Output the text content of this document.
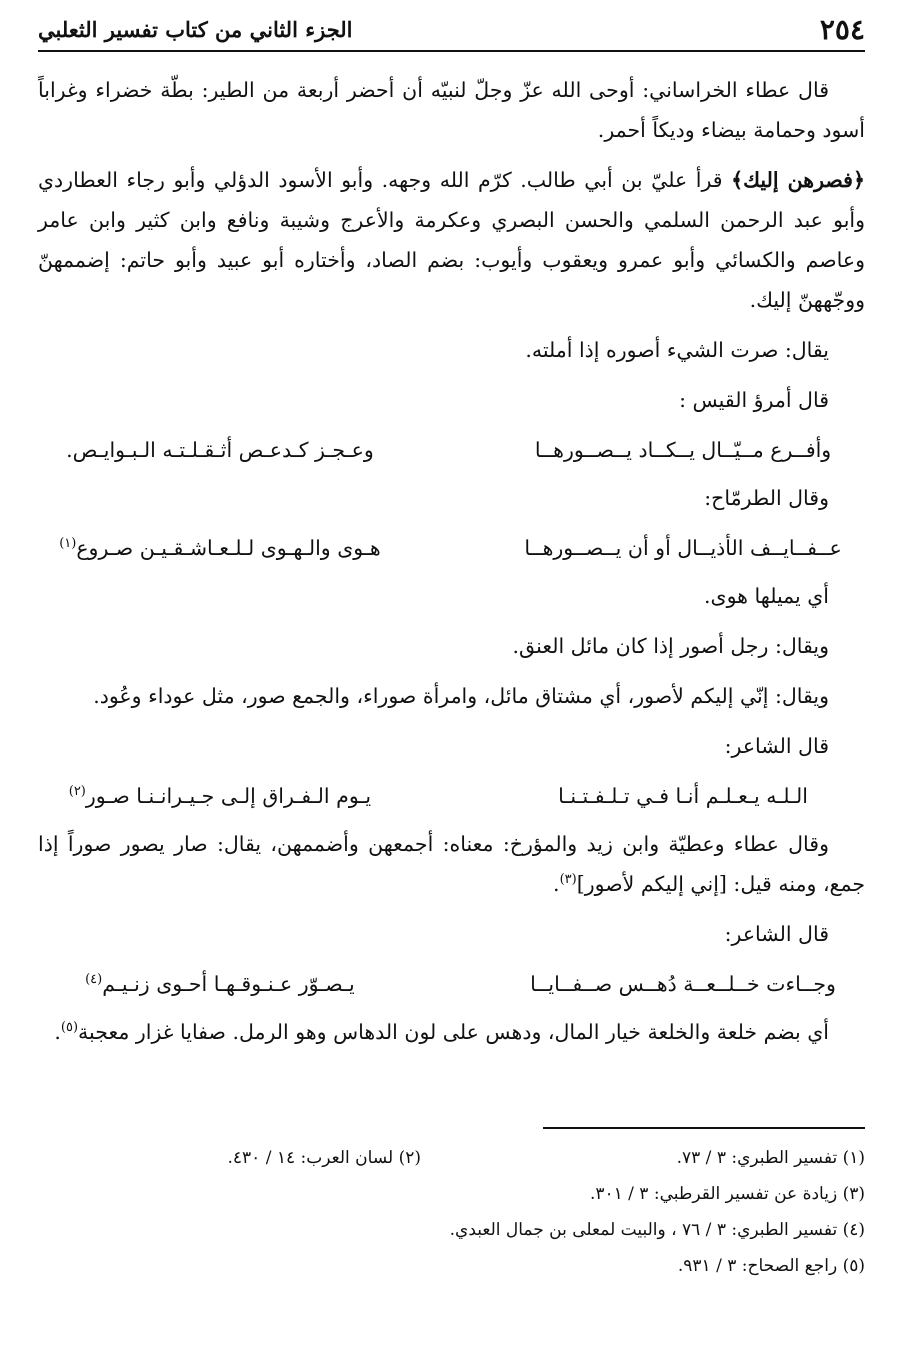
٢٥٤
الجزء الثاني من كتاب تفسير الثعلبي

قال عطاء الخراساني: أوحى الله عزّ وجلّ لنبيّه أن أحضر أربعة من الطير: بطّة خضراء وغراباً أسود وحمامة بيضاء وديكاً أحمر.

﴿فصرهن إليك﴾ قرأ عليّ بن أبي طالب. كرّم الله وجهه. وأبو الأسود الدؤلي وأبو رجاء العطاردي وأبو عبد الرحمن السلمي والحسن البصري وعكرمة والأعرج وشيبة ونافع وابن كثير وابن عامر وعاصم والكسائي وأبو عمرو ويعقوب وأيوب: بضم الصاد، وأختاره أبو عبيد وأبو حاتم: إضممهنّ ووجّههنّ إليك.

يقال: صرت الشيء أصوره إذا أملته.

قال أمرؤ القيس :

وأفــرع مــيّــال يــكــاد يــصــورهــا
وعـجـز كـدعـص أثـقـلـتـه الـبـوايـص.

وقال الطرمّاح:

عــفــايــف الأذيــال أو أن يــصــورهــا
هـوى والـهـوى لـلـعـاشـقـيـن صـروع$^{(١)}$

أي يميلها هوى.

ويقال: رجل أصور إذا كان مائل العنق.

ويقال: إنّي إليكم لأصور، أي مشتاق مائل، وامرأة صوراء، والجمع صور، مثل عوداء وعُود.

قال الشاعر:

الـلـه يـعـلـم أنـا فـي تـلـفـتـنـا
يـوم الـفـراق إلـى جـيـرانـنـا صـور$^{(٢)}$

وقال عطاء وعطيّة وابن زيد والمؤرخ: معناه: أجمعهن وأضممهن، يقال: صار يصور صوراً إذا جمع، ومنه قيل: [إني إليكم لأصور]$^{(٣)}$.

قال الشاعر:

وجــاءت خــلــعــة دُهــس صــفــايــا
يـصـوّر عـنـوقـهـا أحـوى زنـيـم$^{(٤)}$

أي بضم خلعة والخلعة خيار المال، ودهس على لون الدهاس وهو الرمل. صفايا غزار معجبة$^{(٥)}$.

(١) تفسير الطبري: ٣ / ٧٣.
(٢) لسان العرب: ١٤ / ٤٣٠.
(٣) زيادة عن تفسير القرطبي: ٣ / ٣٠١.
(٤) تفسير الطبري: ٣ / ٧٦ ، والبيت لمعلى بن جمال العبدي.
(٥) راجع الصحاح: ٣ / ٩٣١.
